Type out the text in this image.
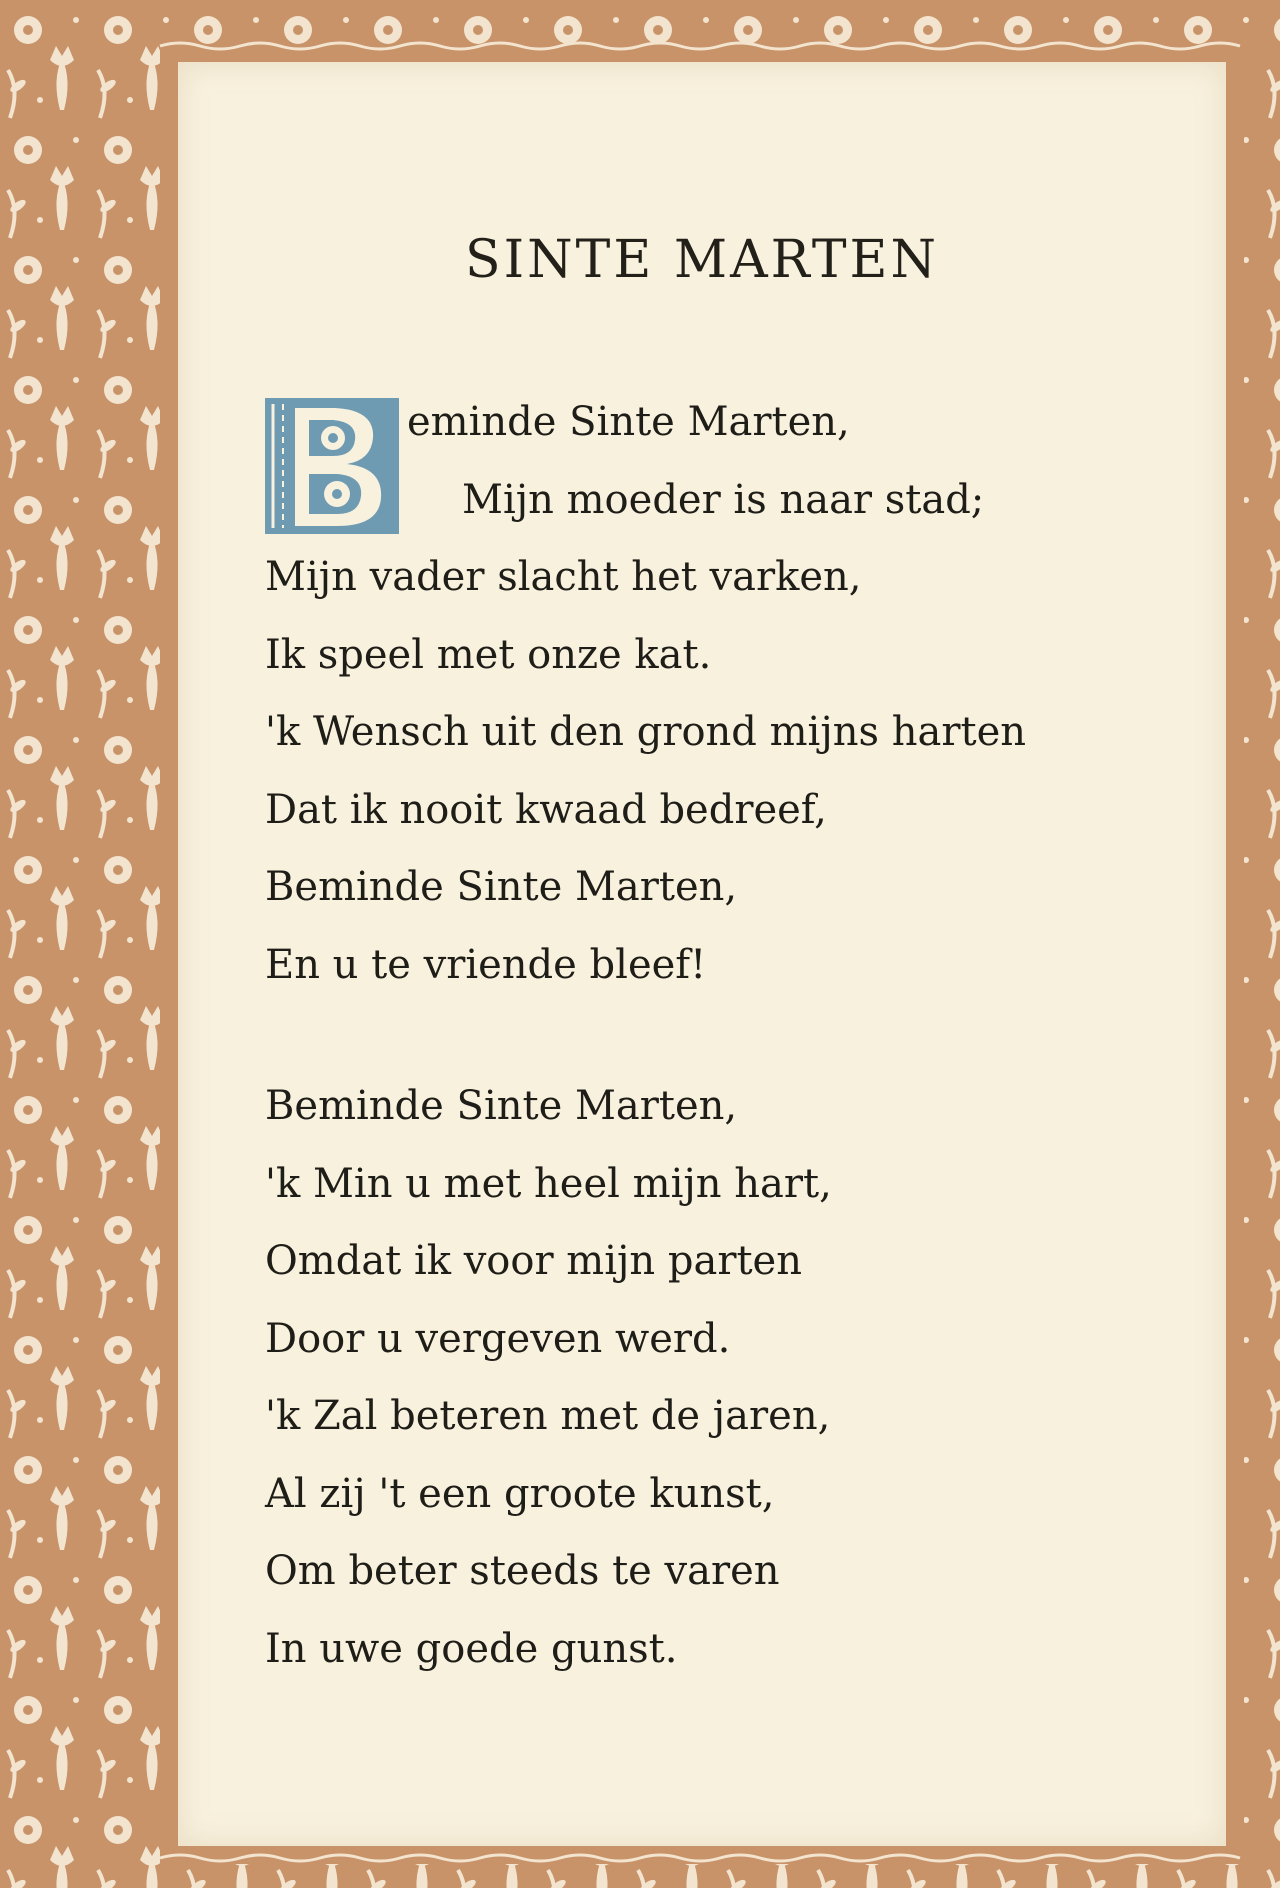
SINTE MARTEN
eminde Sinte Marten,
Mijn moeder is naar stad;
Mijn vader slacht het varken,
Ik speel met onze kat.
'k Wensch uit den grond mijns harten
Dat ik nooit kwaad bedreef,
Beminde Sinte Marten,
En u te vriende bleef!
Beminde Sinte Marten,
'k Min u met heel mijn hart,
Omdat ik voor mijn parten
Door u vergeven werd.
'k Zal beteren met de jaren,
Al zij 't een groote kunst,
Om beter steeds te varen
In uwe goede gunst.
